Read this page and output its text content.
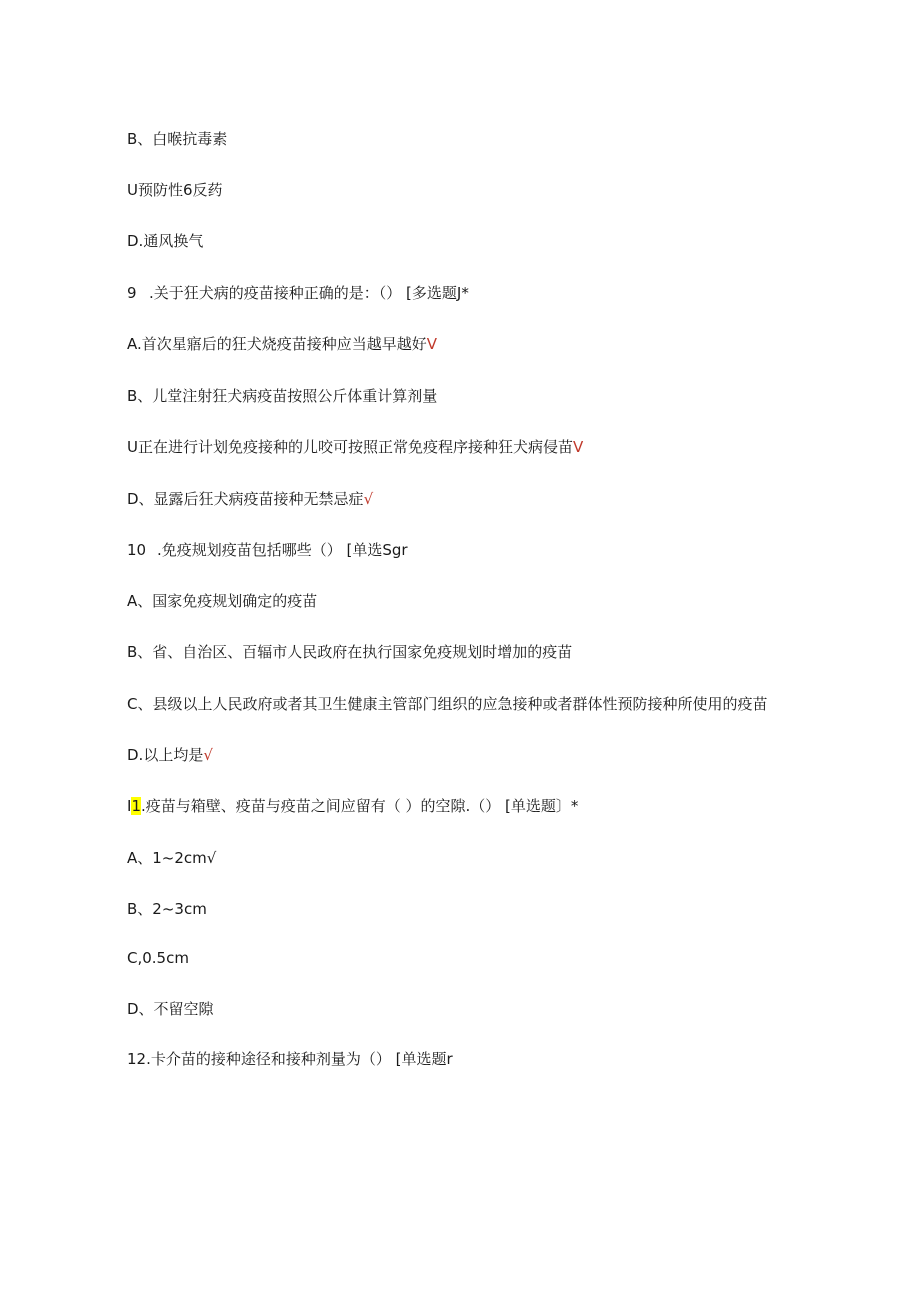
B、白喉抗毒素
U预防性6反药
D.通风换气
9 .关于狂犬病的疫苗接种正确的是：（） [多选题J*
A.首次星寤后的狂犬烧疫苗接种应当越早越好V
B、儿堂注射狂犬病疫苗按照公斤体重计算剂量
U正在进行计划免疫接种的儿咬可按照正常免疫程序接种狂犬病侵苗V
D、显露后狂犬病疫苗接种无禁忌症√
10 .免疫规划疫苗包括哪些（） [单选Sgr
A、国家免疫规划确定的疫苗
B、省、自治区、百辐市人民政府在执行国家免疫规划时增加的疫苗
C、县级以上人民政府或者其卫生健康主管部门组织的应急接种或者群体性预防接种所使用的疫苗
D.以上均是√
I1.疫苗与箱壁、疫苗与疫苗之间应留有（ ）的空隙.（） [单选题〕*
A、1~2cm√
B、2~3cm
C,0.5cm
D、不留空隙
12.卡介苗的接种途径和接种剂量为（） [单选题r
